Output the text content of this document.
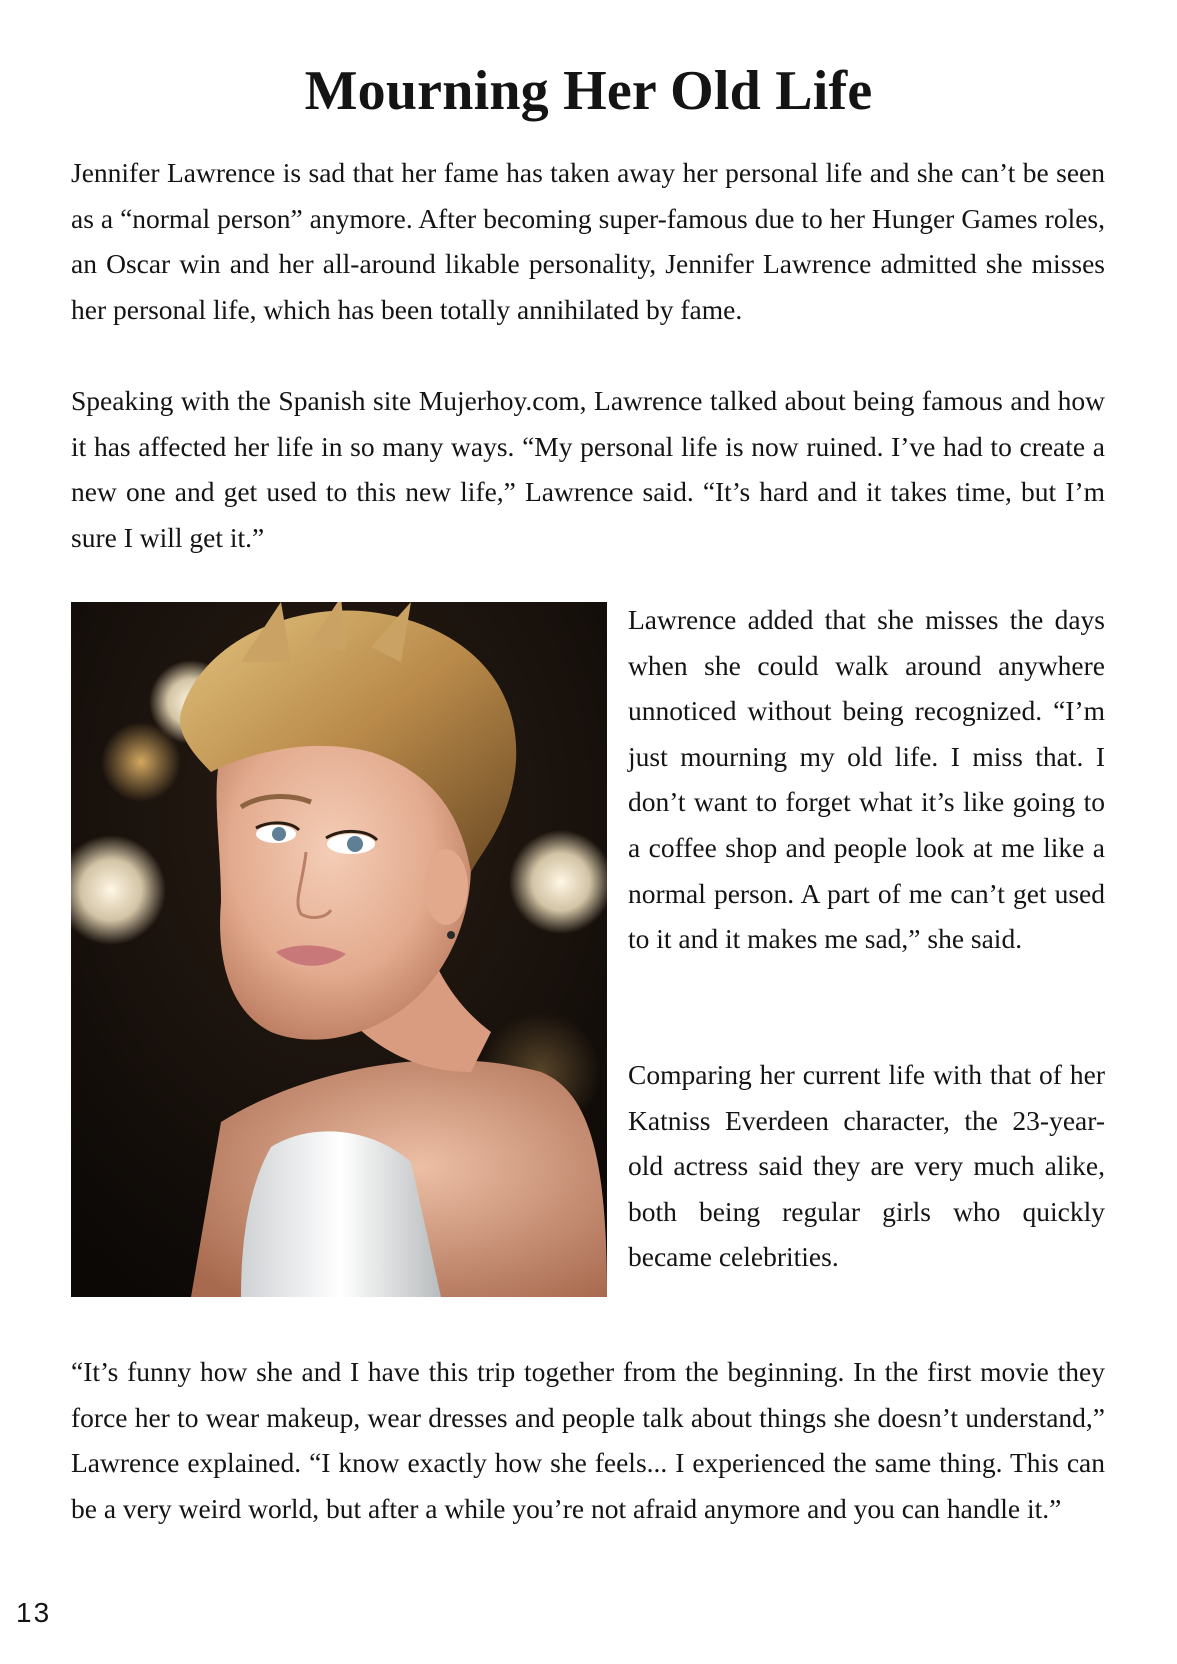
Mourning Her Old Life

Jennifer Lawrence is sad that her fame has taken away her personal life and she can’t be seen as a “normal person” anymore. After becoming super-famous due to her Hunger Games roles, an Oscar win and her all-around likable personality, Jennifer Lawrence admitted she misses her personal life, which has been totally annihilated by fame.

Speaking with the Spanish site Mujerhoy.com, Lawrence talked about being famous and how it has affected her life in so many ways. “My personal life is now ruined. I’ve had to create a new one and get used to this new life,” Lawrence said. “It’s hard and it takes time, but I’m sure I will get it.”

Lawrence added that she misses the days when she could walk around anywhere unnoticed without being recognized. “I’m just mourning my old life. I miss that. I don’t want to forget what it’s like going to a coffee shop and people look at me like a normal person. A part of me can’t get used to it and it makes me sad,” she said.

Comparing her current life with that of her Katniss Everdeen character, the 23-year-old actress said they are very much alike, both being regular girls who quickly became celebrities.

“It’s funny how she and I have this trip together from the beginning. In the first movie they force her to wear makeup, wear dresses and people talk about things she doesn’t understand,” Lawrence explained. “I know exactly how she feels... I experienced the same thing. This can be a very weird world, but after a while you’re not afraid anymore and you can handle it.”

13
